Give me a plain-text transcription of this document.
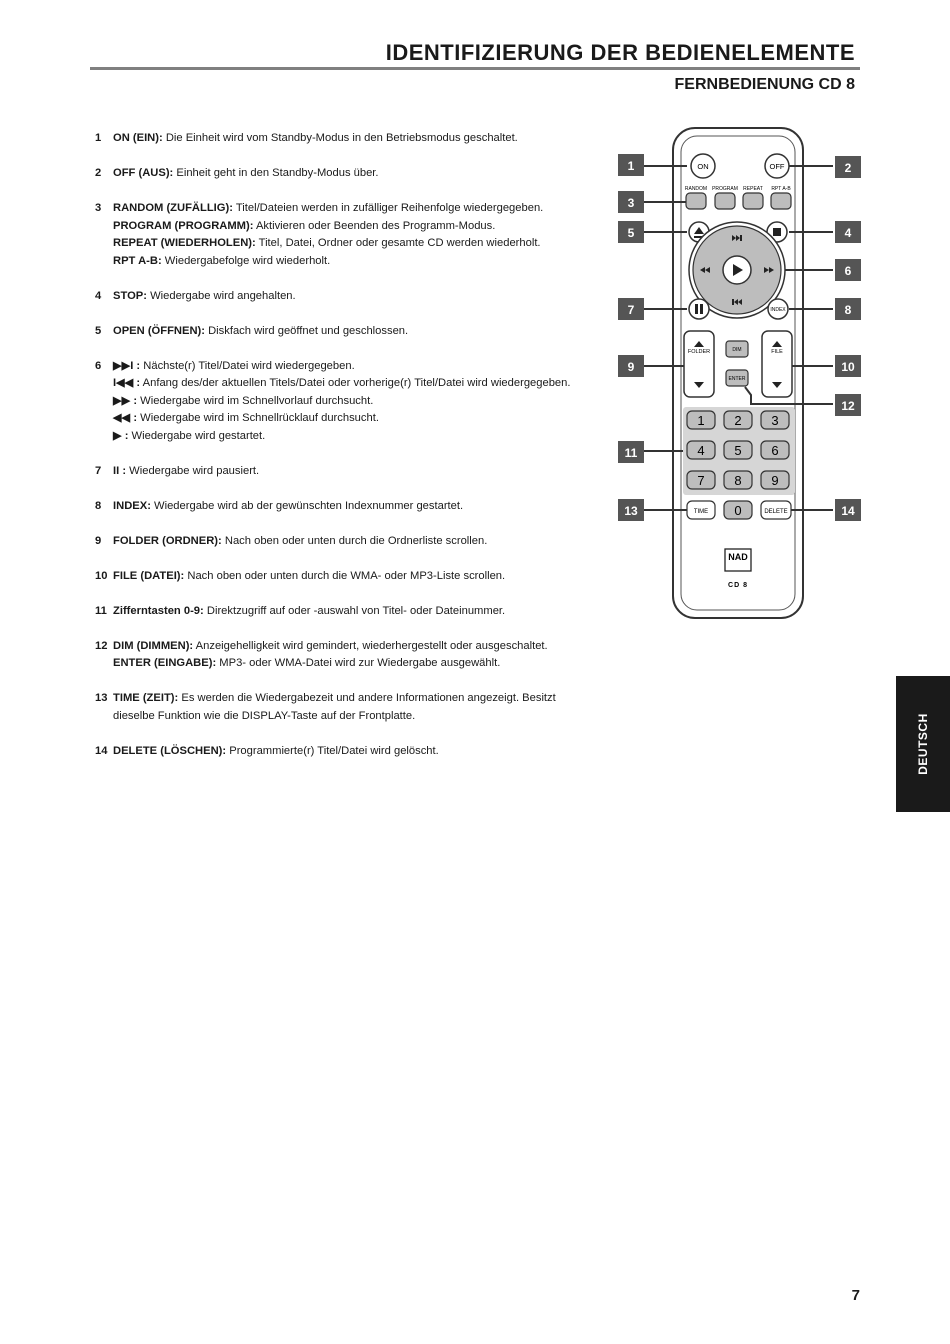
IDENTIFIZIERUNG DER BEDIENELEMENTE
FERNBEDIENUNG CD 8
1	ON (EIN): Die Einheit wird vom Standby-Modus in den Betriebsmodus geschaltet.

2	OFF (AUS): Einheit geht in den Standby-Modus über.

3	RANDOM (ZUFÄLLIG): Titel/Dateien werden in zufälliger Reihenfolge wiedergegeben.

PROGRAM (PROGRAMM): Aktivieren oder Beenden des Programm-Modus.

REPEAT (WIEDERHOLEN): Titel, Datei, Ordner oder gesamte CD werden wiederholt.

RPT A-B: Wiedergabefolge wird wiederholt.

4	STOP: Wiedergabe wird angehalten.

5	OPEN (ÖFFNEN): Diskfach wird geöffnet und geschlossen.

6	▶▶I : Nächste(r) Titel/Datei wird wiedergegeben.

I◀◀ : Anfang des/der aktuellen Titels/Datei oder vorherige(r) Titel/Datei wird wiedergegeben.

▶▶ : Wiedergabe wird im Schnellvorlauf durchsucht.

◀◀ : Wiedergabe wird im Schnellrücklauf durchsucht.

▶ : Wiedergabe wird gestartet.

7	II : Wiedergabe wird pausiert.

8	INDEX: Wiedergabe wird ab der gewünschten Indexnummer gestartet.

9	FOLDER (ORDNER): Nach oben oder unten durch die Ordnerliste scrollen.

10 FILE (DATEI): Nach oben oder unten durch die WMA- oder MP3-Liste scrollen.

11 Zifferntasten 0-9: Direktzugriff auf oder -auswahl von Titel- oder Dateinummer.

12 DIM (DIMMEN): Anzeigehelligkeit wird gemindert, wiederhergestellt oder ausgeschaltet.

ENTER (EINGABE): MP3- oder WMA-Datei wird zur Wiedergabe ausgewählt.

13 TIME (ZEIT): Es werden die Wiedergabezeit und andere Informationen angezeigt. Besitzt dieselbe Funktion wie die DISPLAY-Taste auf der Frontplatte.

14 DELETE (LÖSCHEN): Programmierte(r) Titel/Datei wird gelöscht.

1	2
3
4
5
6
7	8
9	10
11
12
13	14
ON	OFF
RANDOM PROGRAM REPEAT RPT A-B
INDEX
FOLDER	DIM
ENTER
FILE
1 2 3
4 5 6
7 8 9
TIME 0	DELETE
NAD
CD 8
DEUTSCH
7
